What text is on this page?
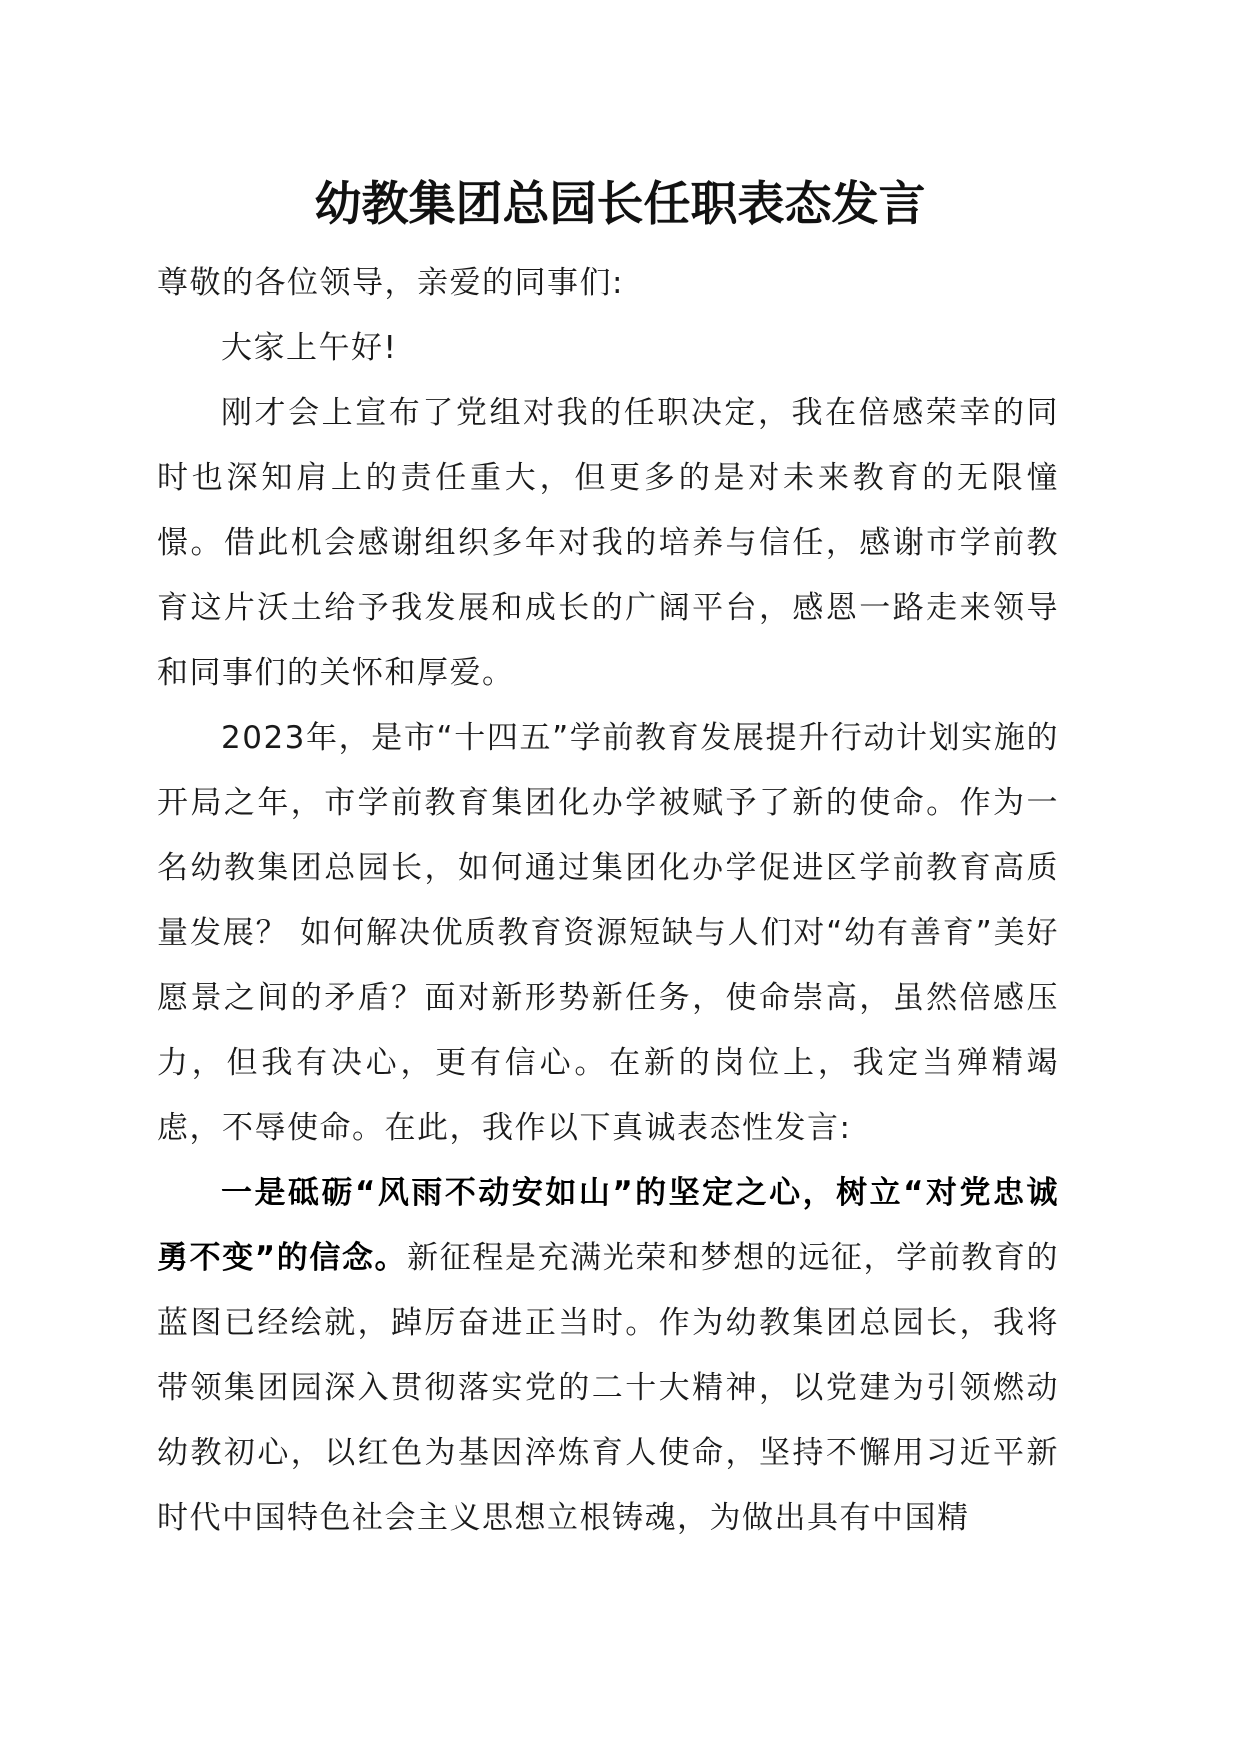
幼教集团总园长任职表态发言

尊敬的各位领导，亲爱的同事们:

大家上午好!

刚才会上宣布了党组对我的任职决定，我在倍感荣幸的同时也深知肩上的责任重大，但更多的是对未来教育的无限憧憬。借此机会感谢组织多年对我的培养与信任，感谢市学前教育这片沃土给予我发展和成长的广阔平台，感恩一路走来领导和同事们的关怀和厚爱。

2023年，是市“十四五”学前教育发展提升行动计划实施的开局之年，市学前教育集团化办学被赋予了新的使命。作为一名幼教集团总园长，如何通过集团化办学促进区学前教育高质量发展？ 如何解决优质教育资源短缺与人们对“幼有善育”美好愿景之间的矛盾？面对新形势新任务，使命崇高，虽然倍感压力，但我有决心，更有信心。在新的岗位上，我定当殚精竭虑，不辱使命。在此，我作以下真诚表态性发言:

一是砥砺“风雨不动安如山”的坚定之心，树立“对党忠诚勇不变”的信念。新征程是充满光荣和梦想的远征，学前教育的蓝图已经绘就，踔厉奋进正当时。作为幼教集团总园长，我将带领集团园深入贯彻落实党的二十大精神，以党建为引领燃动幼教初心，以红色为基因淬炼育人使命，坚持不懈用习近平新时代中国特色社会主义思想立根铸魂，为做出具有中国精
